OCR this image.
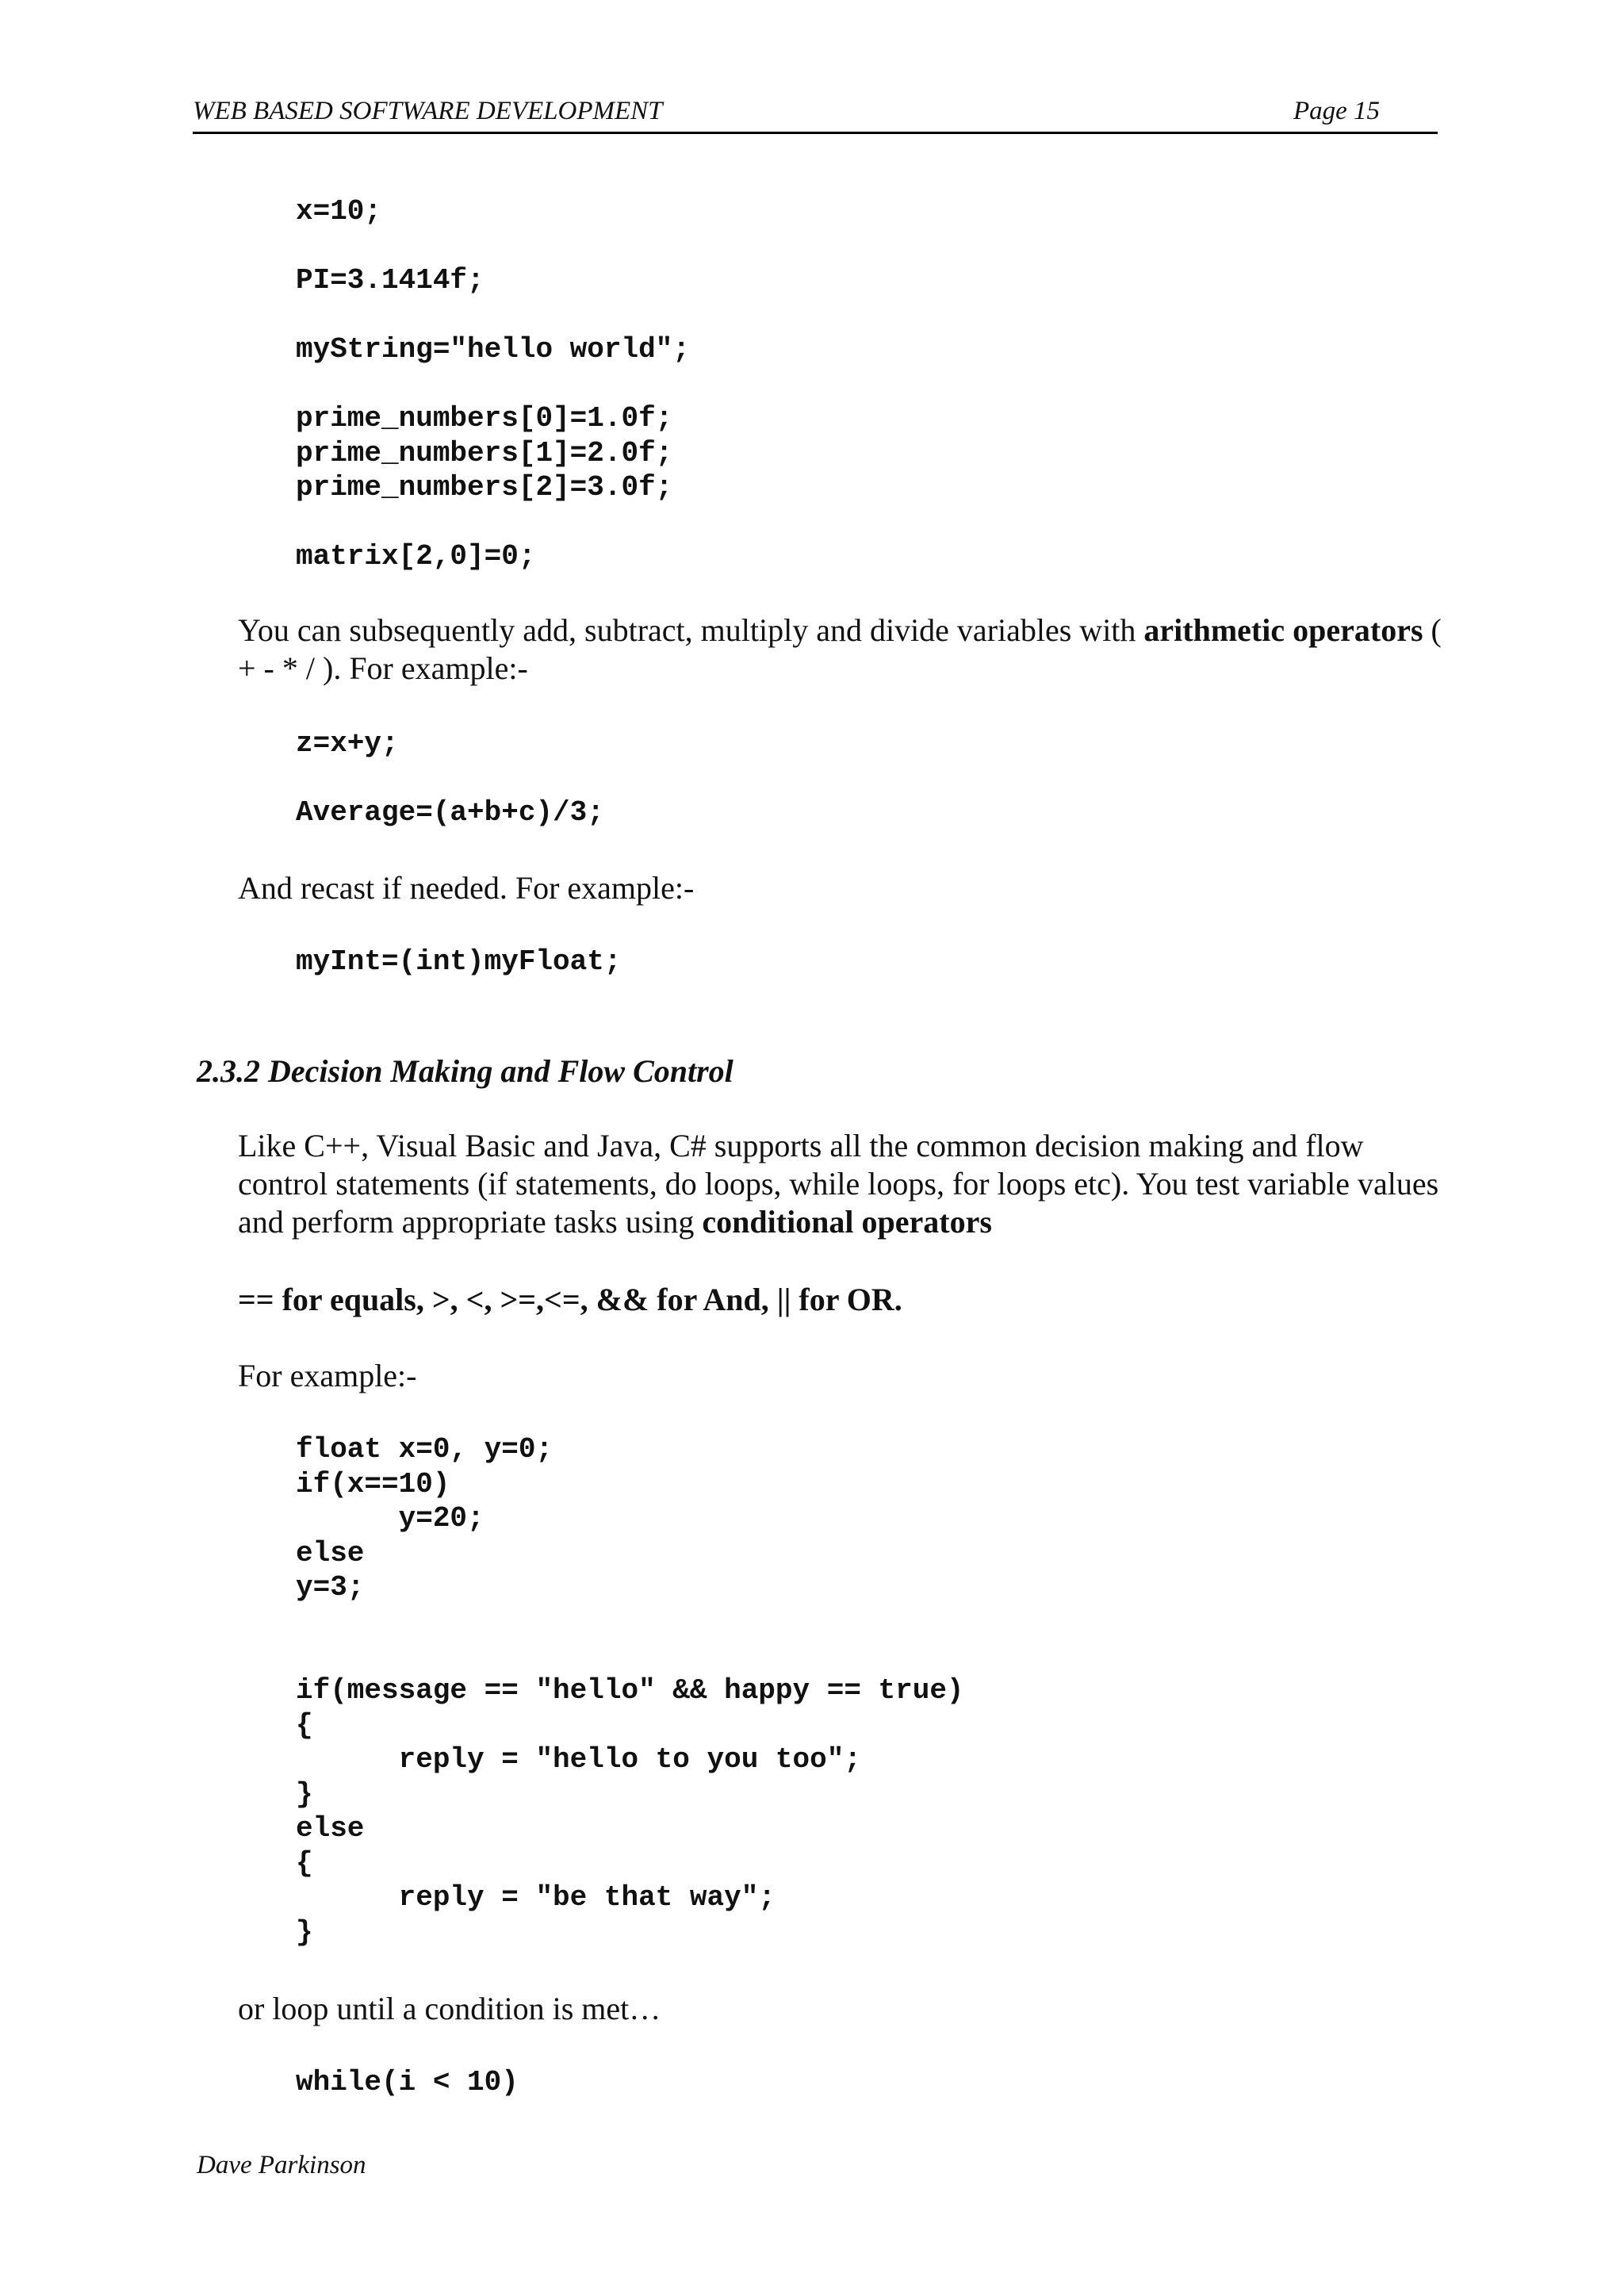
WEB BASED SOFTWARE DEVELOPMENT	Page 15
x=10;
PI=3.1414f;
myString="hello world";
prime_numbers[0]=1.0f;
prime_numbers[1]=2.0f;
prime_numbers[2]=3.0f;
matrix[2,0]=0;

You can subsequently add, subtract, multiply and divide variables with arithmetic operators ( + - * / ). For example:-

z=x+y;
Average=(a+b+c)/3;

And recast if needed. For example:-

myInt=(int)myFloat;
2.3.2 Decision Making and Flow Control

Like C++, Visual Basic and Java, C# supports all the common decision making and flow control statements (if statements, do loops, while loops, for loops etc). You test variable values and perform appropriate tasks using conditional operators

== for equals, >, <, >=,<=, && for And, || for OR.

For example:-

float x=0, y=0;
if(x==10)
y=20;
else
y=3;
if(message == "hello" && happy == true)
{
reply = "hello to you too";
}
else
{
reply = "be that way";
}

or loop until a condition is met…

while(i < 10)
Dave Parkinson
